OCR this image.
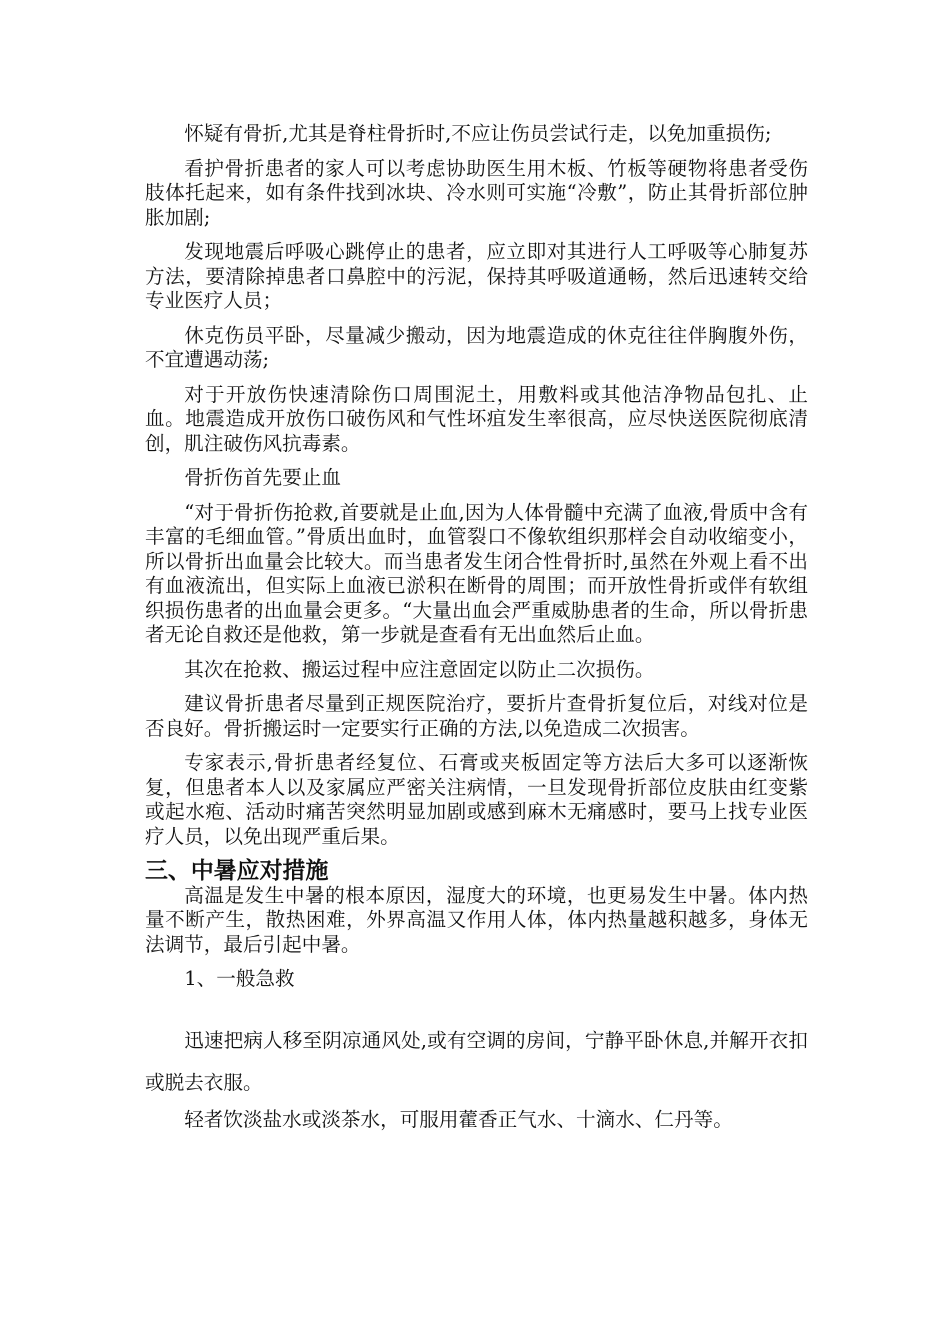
怀疑有骨折,尤其是脊柱骨折时,不应让伤员尝试行走，以免加重损伤;

看护骨折患者的家人可以考虑协助医生用木板、竹板等硬物将患者受伤肢体托起来，如有条件找到冰块、冷水则可实施“冷敷”，防止其骨折部位肿胀加剧;

发现地震后呼吸心跳停止的患者，应立即对其进行人工呼吸等心肺复苏方法，要清除掉患者口鼻腔中的污泥，保持其呼吸道通畅，然后迅速转交给专业医疗人员；

休克伤员平卧，尽量减少搬动，因为地震造成的休克往往伴胸腹外伤，不宜遭遇动荡;

对于开放伤快速清除伤口周围泥土，用敷料或其他洁净物品包扎、止血。地震造成开放伤口破伤风和气性坏疽发生率很高，应尽快送医院彻底清创，肌注破伤风抗毒素。

骨折伤首先要止血

“对于骨折伤抢救,首要就是止血,因为人体骨髓中充满了血液,骨质中含有丰富的毛细血管。”骨质出血时，血管裂口不像软组织那样会自动收缩变小，所以骨折出血量会比较大。而当患者发生闭合性骨折时,虽然在外观上看不出有血液流出，但实际上血液已淤积在断骨的周围；而开放性骨折或伴有软组织损伤患者的出血量会更多。“大量出血会严重威胁患者的生命，所以骨折患者无论自救还是他救，第一步就是查看有无出血然后止血。

其次在抢救、搬运过程中应注意固定以防止二次损伤。

建议骨折患者尽量到正规医院治疗，要折片查骨折复位后，对线对位是否良好。骨折搬运时一定要实行正确的方法,以免造成二次损害。

专家表示,骨折患者经复位、石膏或夹板固定等方法后大多可以逐渐恢复，但患者本人以及家属应严密关注病情，一旦发现骨折部位皮肤由红变紫或起水疱、活动时痛苦突然明显加剧或感到麻木无痛感时，要马上找专业医疗人员，以免出现严重后果。

三、中暑应对措施

高温是发生中暑的根本原因，湿度大的环境，也更易发生中暑。体内热量不断产生，散热困难，外界高温又作用人体，体内热量越积越多，身体无法调节，最后引起中暑。

1、一般急救

迅速把病人移至阴凉通风处,或有空调的房间，宁静平卧休息,并解开衣扣或脱去衣服。

轻者饮淡盐水或淡茶水，可服用藿香正气水、十滴水、仁丹等。
